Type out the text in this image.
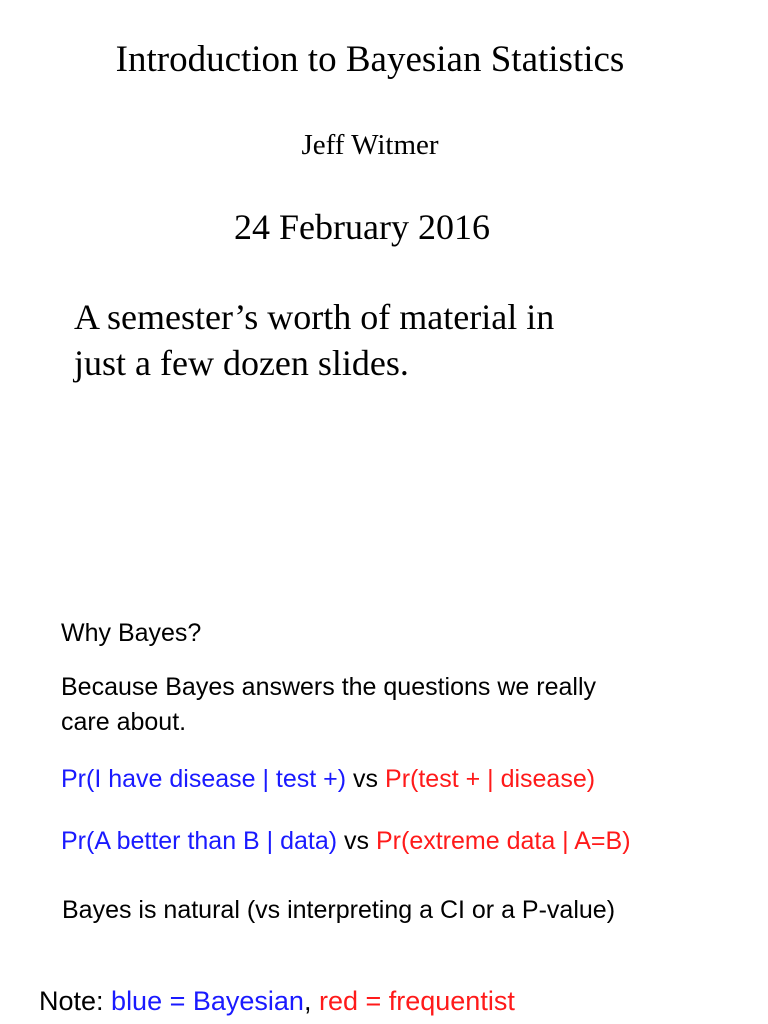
Introduction to Bayesian Statistics
Jeff Witmer
24 February 2016
A semester’s worth of material in
just a few dozen slides.
Why Bayes?
Because Bayes answers the questions we really
care about.
Pr(I have disease | test +) vs Pr(test + | disease)
Pr(A better than B | data) vs Pr(extreme data | A=B)
Bayes is natural (vs interpreting a CI or a P-value)
Note: blue = Bayesian, red = frequentist
